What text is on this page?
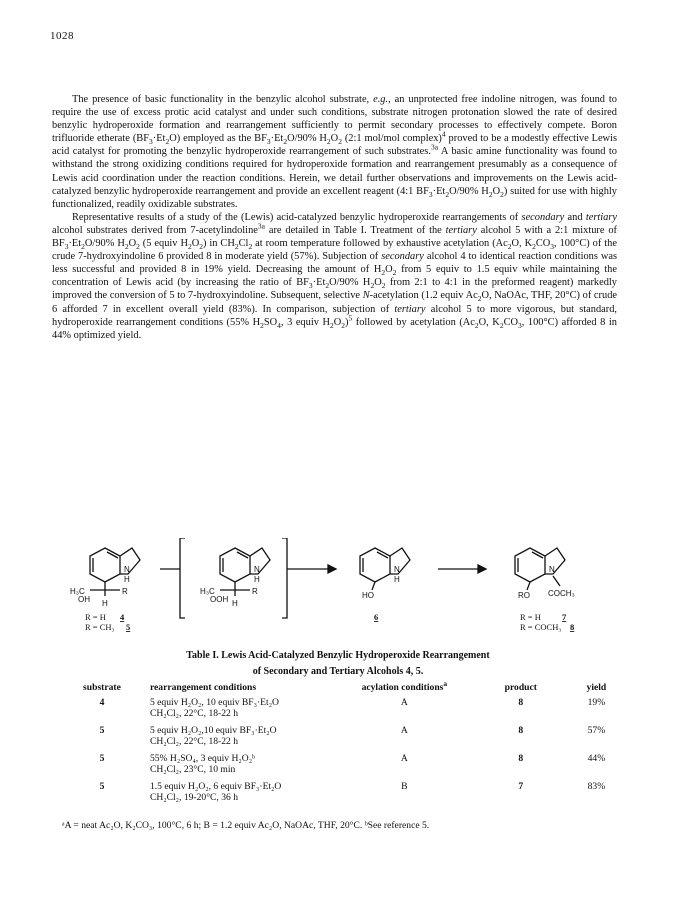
1028

The presence of basic functionality in the benzylic alcohol substrate, e.g., an unprotected free indoline nitrogen, was found to require the use of excess protic acid catalyst and under such conditions, substrate nitrogen protonation slowed the rate of desired benzylic hydroperoxide formation and rearrangement sufficiently to permit secondary processes to effectively compete. Boron trifluoride etherate $(BF_3\cdot Et_2O)$ employed as the $BF_3\cdot Et_2O/90\%$ $H_2O_2$ (2:1 mol/mol complex)$^4$ proved to be a modestly effective Lewis acid catalyst for promoting the benzylic hydroperoxide rearrangement of such substrates.$^{3a}$ A basic amine functionality was found to withstand the strong oxidizing conditions required for hydroperoxide formation and rearrangement presumably as a consequence of Lewis acid coordination under the reaction conditions. Herein, we detail further observations and improvements on the Lewis acid-catalyzed benzylic hydroperoxide rearrangement and provide an excellent reagent (4:1 $BF_3\cdot Et_2O/90\%$ $H_2O_2$) suited for use with highly functionalized, readily oxidizable substrates.

Representative results of a study of the (Lewis) acid-catalyzed benzylic hydroperoxide rearrangements of secondary and tertiary alcohol substrates derived from 7-acetylindoline$^{3a}$ are detailed in Table I. Treatment of the tertiary alcohol 5 with a 2:1 mixture of $BF_3\cdot Et_2O/90\%$ $H_2O_2$ (5 equiv $H_2O_2$) in $CH_2Cl_2$ at room temperature followed by exhaustive acetylation ($Ac_2O$, $K_2CO_3$, 100°C) of the crude 7-hydroxyindoline 6 provided 8 in moderate yield (57%). Subjection of secondary alcohol 4 to identical reaction conditions was less successful and provided 8 in 19% yield. Decreasing the amount of $H_2O_2$ from 5 equiv to 1.5 equiv while maintaining the concentration of Lewis acid (by increasing the ratio of $BF_3\cdot Et_2O/90\%$ $H_2O_2$ from 2:1 to 4:1 in the preformed reagent) markedly improved the conversion of 5 to 7-hydroxyindoline. Subsequent, selective N-acetylation (1.2 equiv $Ac_2O$, NaOAc, THF, 20°C) of crude 6 afforded 7 in excellent overall yield (83%). In comparison, subjection of tertiary alcohol 5 to more vigorous, but standard, hydroperoxide rearrangement conditions (55% $H_2SO_4$, 3 equiv $H_2O_2)^5$ followed by acetylation ($Ac_2O$, $K_2CO_3$, 100°C) afforded 8 in 44% optimized yield.

N
H
H₃C	R
H
OH
N
H
H₃C	R
H
OOH
N
H
HO
N
RO COCH₃
R = H 4
R = CH₃ 5
6	R = H 7
R = COCH₃ 8
Table I. Lewis Acid-Catalyzed Benzylic Hydroperoxide Rearrangement
of Secondary and Tertiary Alcohols 4, 5.
substrate	rearrangement conditions	acylation conditions$^a$	product	yield
4	5 equiv H₂O₂, 10 equiv BF₃·Et₂O
CH₂Cl₂, 22°C, 18-22 h	A	8	19%
5	5 equiv H₂O₂,10 equiv BF₃·Et₂O
CH₂Cl₂, 22°C, 18-22 h	A	8	57%
5	55% H₂SO₄, 3 equiv H₂O₂ᵇ
CH₂Cl₂, 23°C, 10 min	A	8	44%
5	1.5 equiv H₂O₂, 6 equiv BF₃·Et₂O
CH₂Cl₂, 19-20°C, 36 h	B	7	83%
ᵃA = neat Ac₂O, K₂CO₃, 100°C, 6 h; B = 1.2 equiv Ac₂O, NaOAc, THF, 20°C. ᵇSee reference 5.
